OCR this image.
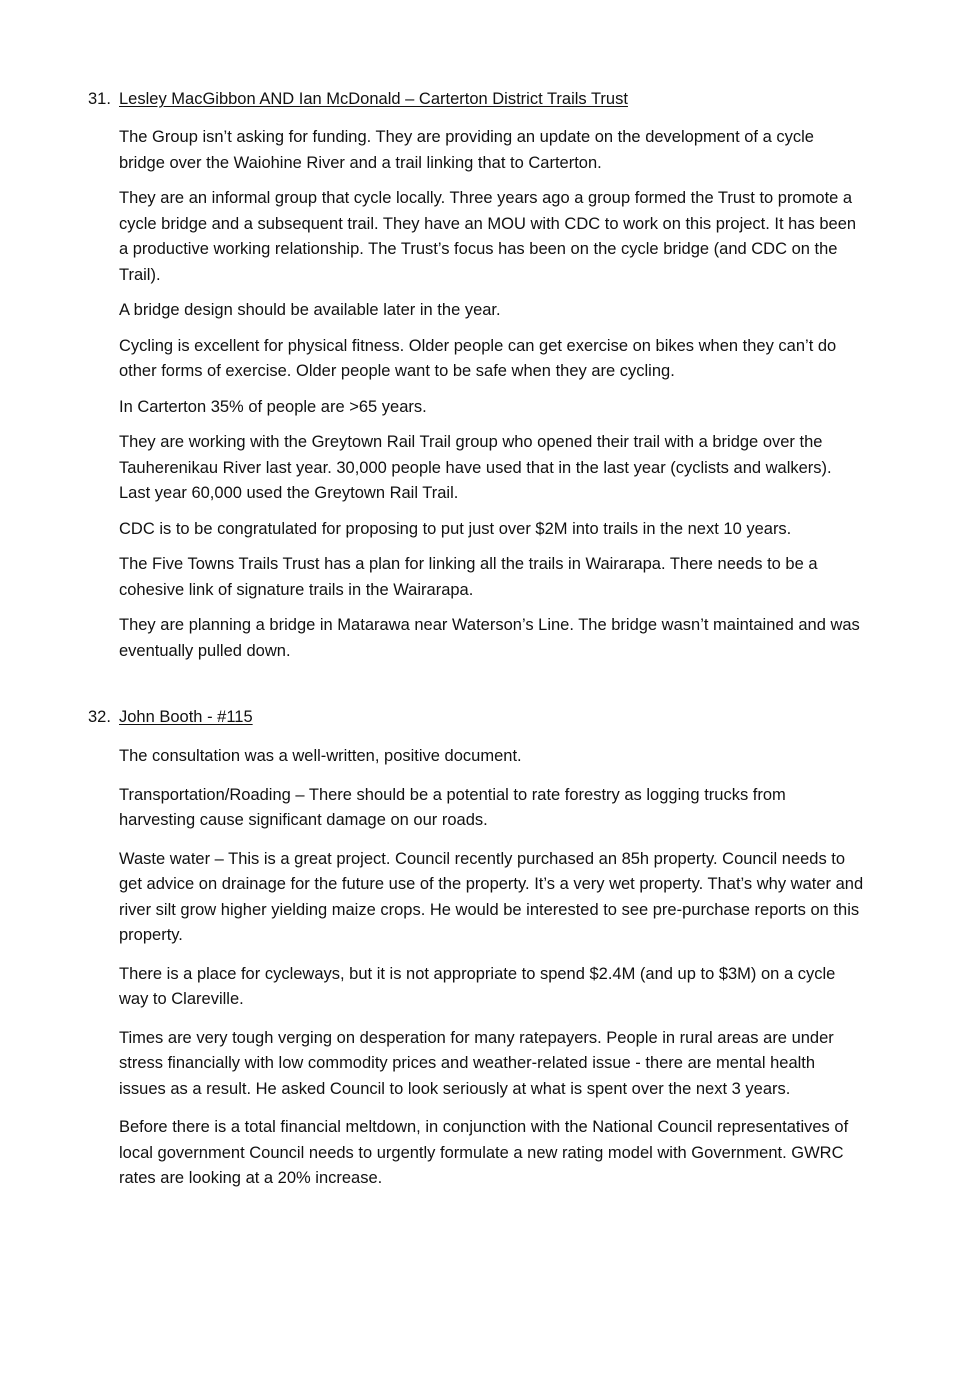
31. Lesley MacGibbon AND Ian McDonald – Carterton District Trails Trust

The Group isn’t asking for funding. They are providing an update on the development of a cycle bridge over the Waiohine River and a trail linking that to Carterton.

They are an informal group that cycle locally. Three years ago a group formed the Trust to promote a cycle bridge and a subsequent trail. They have an MOU with CDC to work on this project. It has been a productive working relationship. The Trust’s focus has been on the cycle bridge (and CDC on the Trail).

A bridge design should be available later in the year.

Cycling is excellent for physical fitness. Older people can get exercise on bikes when they can’t do other forms of exercise. Older people want to be safe when they are cycling.

In Carterton 35% of people are >65 years.

They are working with the Greytown Rail Trail group who opened their trail with a bridge over the Tauherenikau River last year. 30,000 people have used that in the last year (cyclists and walkers). Last year 60,000 used the Greytown Rail Trail.

CDC is to be congratulated for proposing to put just over $2M into trails in the next 10 years.

The Five Towns Trails Trust has a plan for linking all the trails in Wairarapa. There needs to be a cohesive link of signature trails in the Wairarapa.

They are planning a bridge in Matarawa near Waterson’s Line. The bridge wasn’t maintained and was eventually pulled down.

32. John Booth - #115

The consultation was a well-written, positive document.

Transportation/Roading – There should be a potential to rate forestry as logging trucks from harvesting cause significant damage on our roads.

Waste water – This is a great project. Council recently purchased an 85h property. Council needs to get advice on drainage for the future use of the property. It’s a very wet property. That’s why water and river silt grow higher yielding maize crops. He would be interested to see pre-purchase reports on this property.

There is a place for cycleways, but it is not appropriate to spend $2.4M (and up to $3M) on a cycle way to Clareville.

Times are very tough verging on desperation for many ratepayers. People in rural areas are under stress financially with low commodity prices and weather-related issue - there are mental health issues as a result. He asked Council to look seriously at what is spent over the next 3 years.

Before there is a total financial meltdown, in conjunction with the National Council representatives of local government Council needs to urgently formulate a new rating model with Government. GWRC rates are looking at a 20% increase.
